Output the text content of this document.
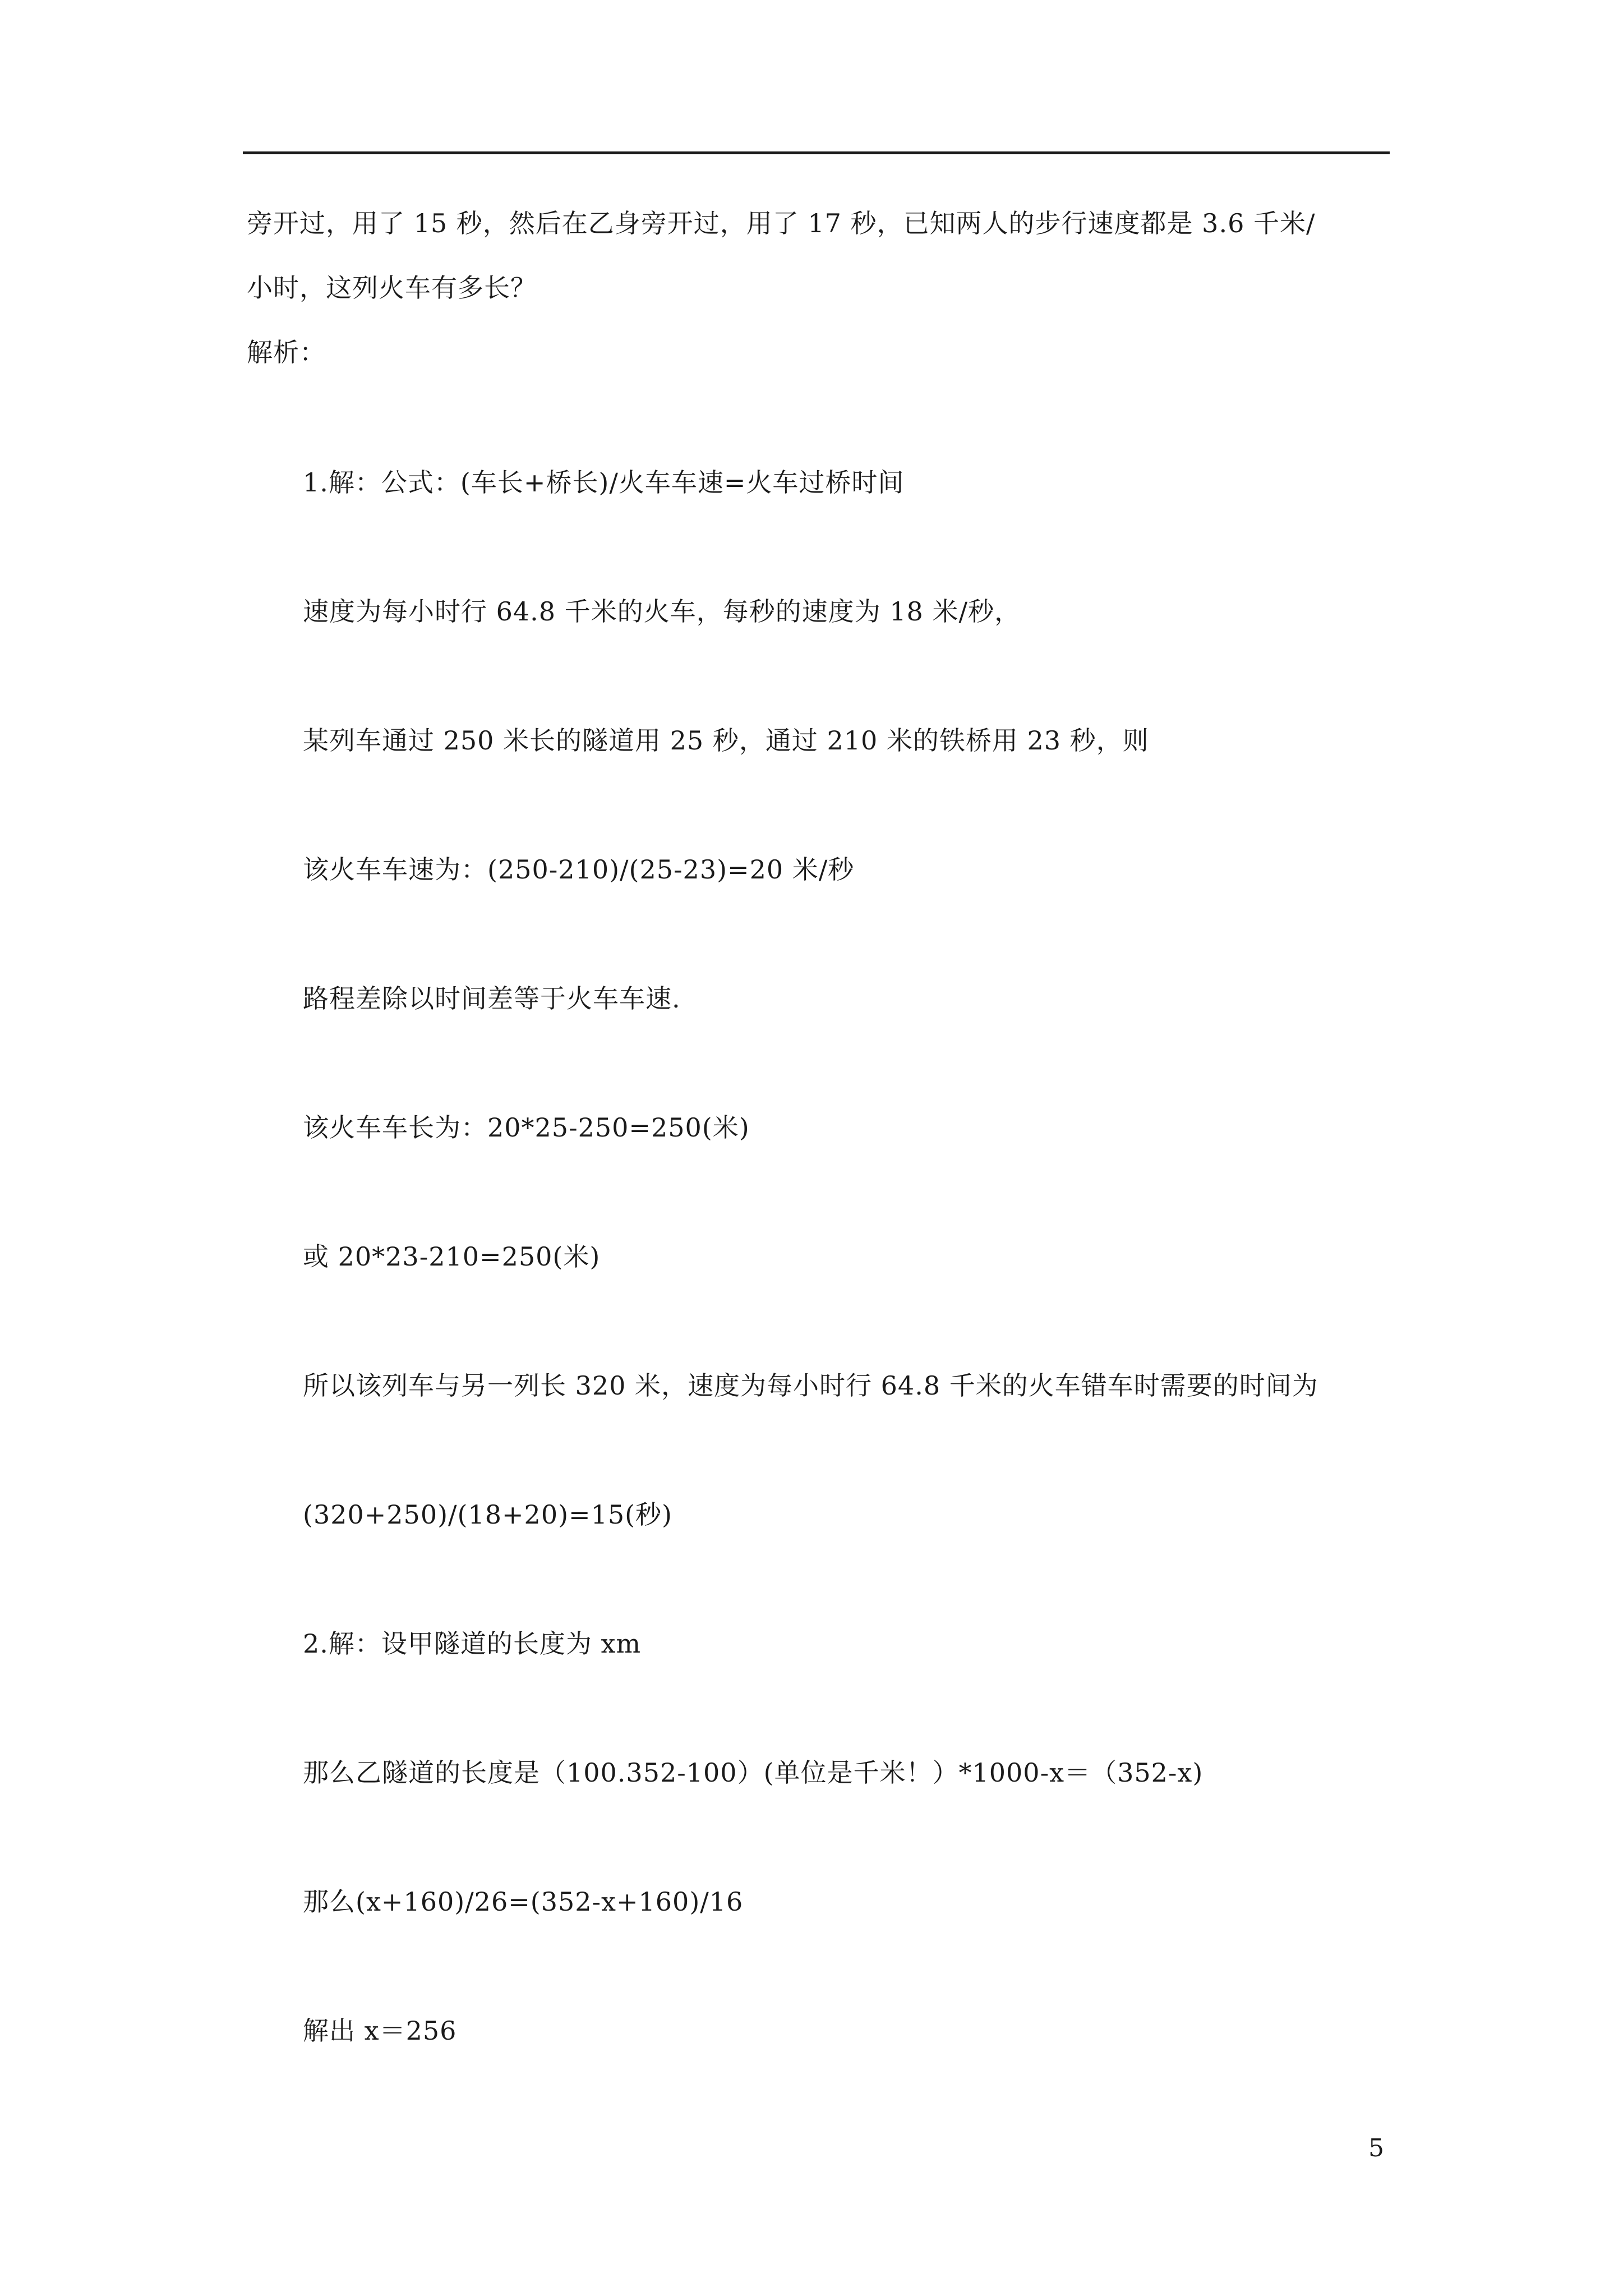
旁开过，用了 15 秒，然后在乙身旁开过，用了 17 秒，已知两人的步行速度都是 3.6 千米/
小时，这列火车有多长？
解析：
1.解：公式：(车长+桥长)/火车车速=火车过桥时间
速度为每小时行 64.8 千米的火车，每秒的速度为 18 米/秒，
某列车通过 250 米长的隧道用 25 秒，通过 210 米的铁桥用 23 秒，则
该火车车速为：(250-210)/(25-23)=20 米/秒
路程差除以时间差等于火车车速.
该火车车长为：20*25-250=250(米)
或 20*23-210=250(米)
所以该列车与另一列长 320 米，速度为每小时行 64.8 千米的火车错车时需要的时间为
(320+250)/(18+20)=15(秒)
2.解：设甲隧道的长度为 xm
那么乙隧道的长度是（100.352-100）(单位是千米！）*1000-x＝（352-x)
那么(x+160)/26=(352-x+160)/16
解出 x＝256
5
